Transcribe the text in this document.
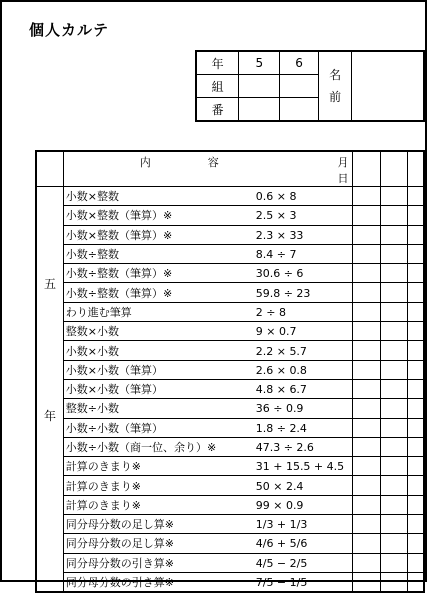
個人カルテ
年	5	6	名
前	
組				
番				

	内 容 月
日			

五
年	小数×整数 0.6 × 8			
	小数×整数（筆算）※ 2.5 × 3			
	小数×整数（筆算）※ 2.3 × 33			
	小数÷整数 8.4 ÷ 7			
	小数÷整数（筆算）※ 30.6 ÷ 6			
	小数÷整数（筆算）※ 59.8 ÷ 23			
	わり進む筆算 2 ÷ 8			
	整数×小数 9 × 0.7			
	小数×小数 2.2 × 5.7			
	小数×小数（筆算） 2.6 × 0.8			
	小数×小数（筆算） 4.8 × 6.7			
	整数÷小数 36 ÷ 0.9			
	小数÷小数（筆算） 1.8 ÷ 2.4			
	小数÷小数（商一位、余り）※ 47.3 ÷ 2.6			
	計算のきまり※ 31 + 15.5 + 4.5			
	計算のきまり※ 50 × 2.4			
	計算のきまり※ 99 × 0.9			
	同分母分数の足し算※ 1/3 + 1/3			
	同分母分数の足し算※ 4/6 + 5/6			
	同分母分数の引き算※ 4/5 − 2/5			
	同分母分数の引き算※ 7/5 − 1/5			
